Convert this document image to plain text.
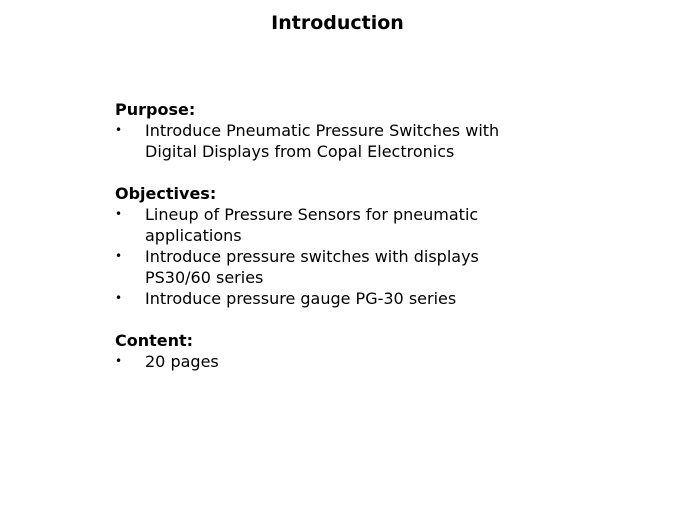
Introduction
Purpose:
• Introduce Pneumatic Pressure Switches with Digital Displays from Copal Electronics
Objectives:
• Lineup of Pressure Sensors for pneumatic applications
• Introduce pressure switches with displays PS30/60 series
• Introduce pressure gauge PG-30 series
Content:
• 20 pages
